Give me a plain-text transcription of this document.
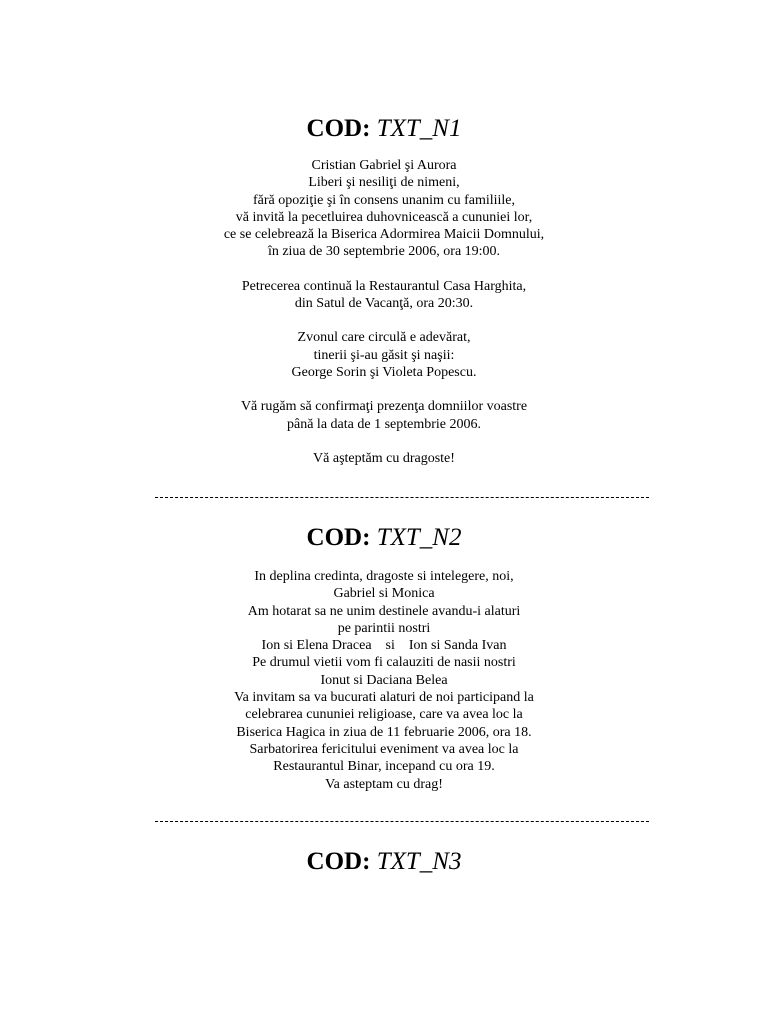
COD: TXT_N1

Cristian Gabriel şi Aurora
Liberi şi nesiliţi de nimeni,
fără opoziţie şi în consens unanim cu familiile,
vă invită la pecetluirea duhovnicească a cununiei lor,
ce se celebrează la Biserica Adormirea Maicii Domnului,
în ziua de 30 septembrie 2006, ora 19:00.

Petrecerea continuă la Restaurantul Casa Harghita,
din Satul de Vacanţă, ora 20:30.

Zvonul care circulă e adevărat,
tinerii şi-au găsit şi naşii:
George Sorin şi Violeta Popescu.

Vă rugăm să confirmaţi prezenţa domniilor voastre
până la data de 1 septembrie 2006.

Vă aşteptăm cu dragoste!

COD: TXT_N2

In deplina credinta, dragoste si intelegere, noi,
Gabriel si Monica
Am hotarat sa ne unim destinele avandu-i alaturi
pe parintii nostri
Ion si Elena Dracea    si    Ion si Sanda Ivan
Pe drumul vietii vom fi calauziti de nasii nostri
Ionut si Daciana Belea
Va invitam sa va bucurati alaturi de noi participand la
celebrarea cununiei religioase, care va avea loc la
Biserica Hagica in ziua de 11 februarie 2006, ora 18.
Sarbatorirea fericitului eveniment va avea loc la
Restaurantul Binar, incepand cu ora 19.
Va asteptam cu drag!

COD: TXT_N3
